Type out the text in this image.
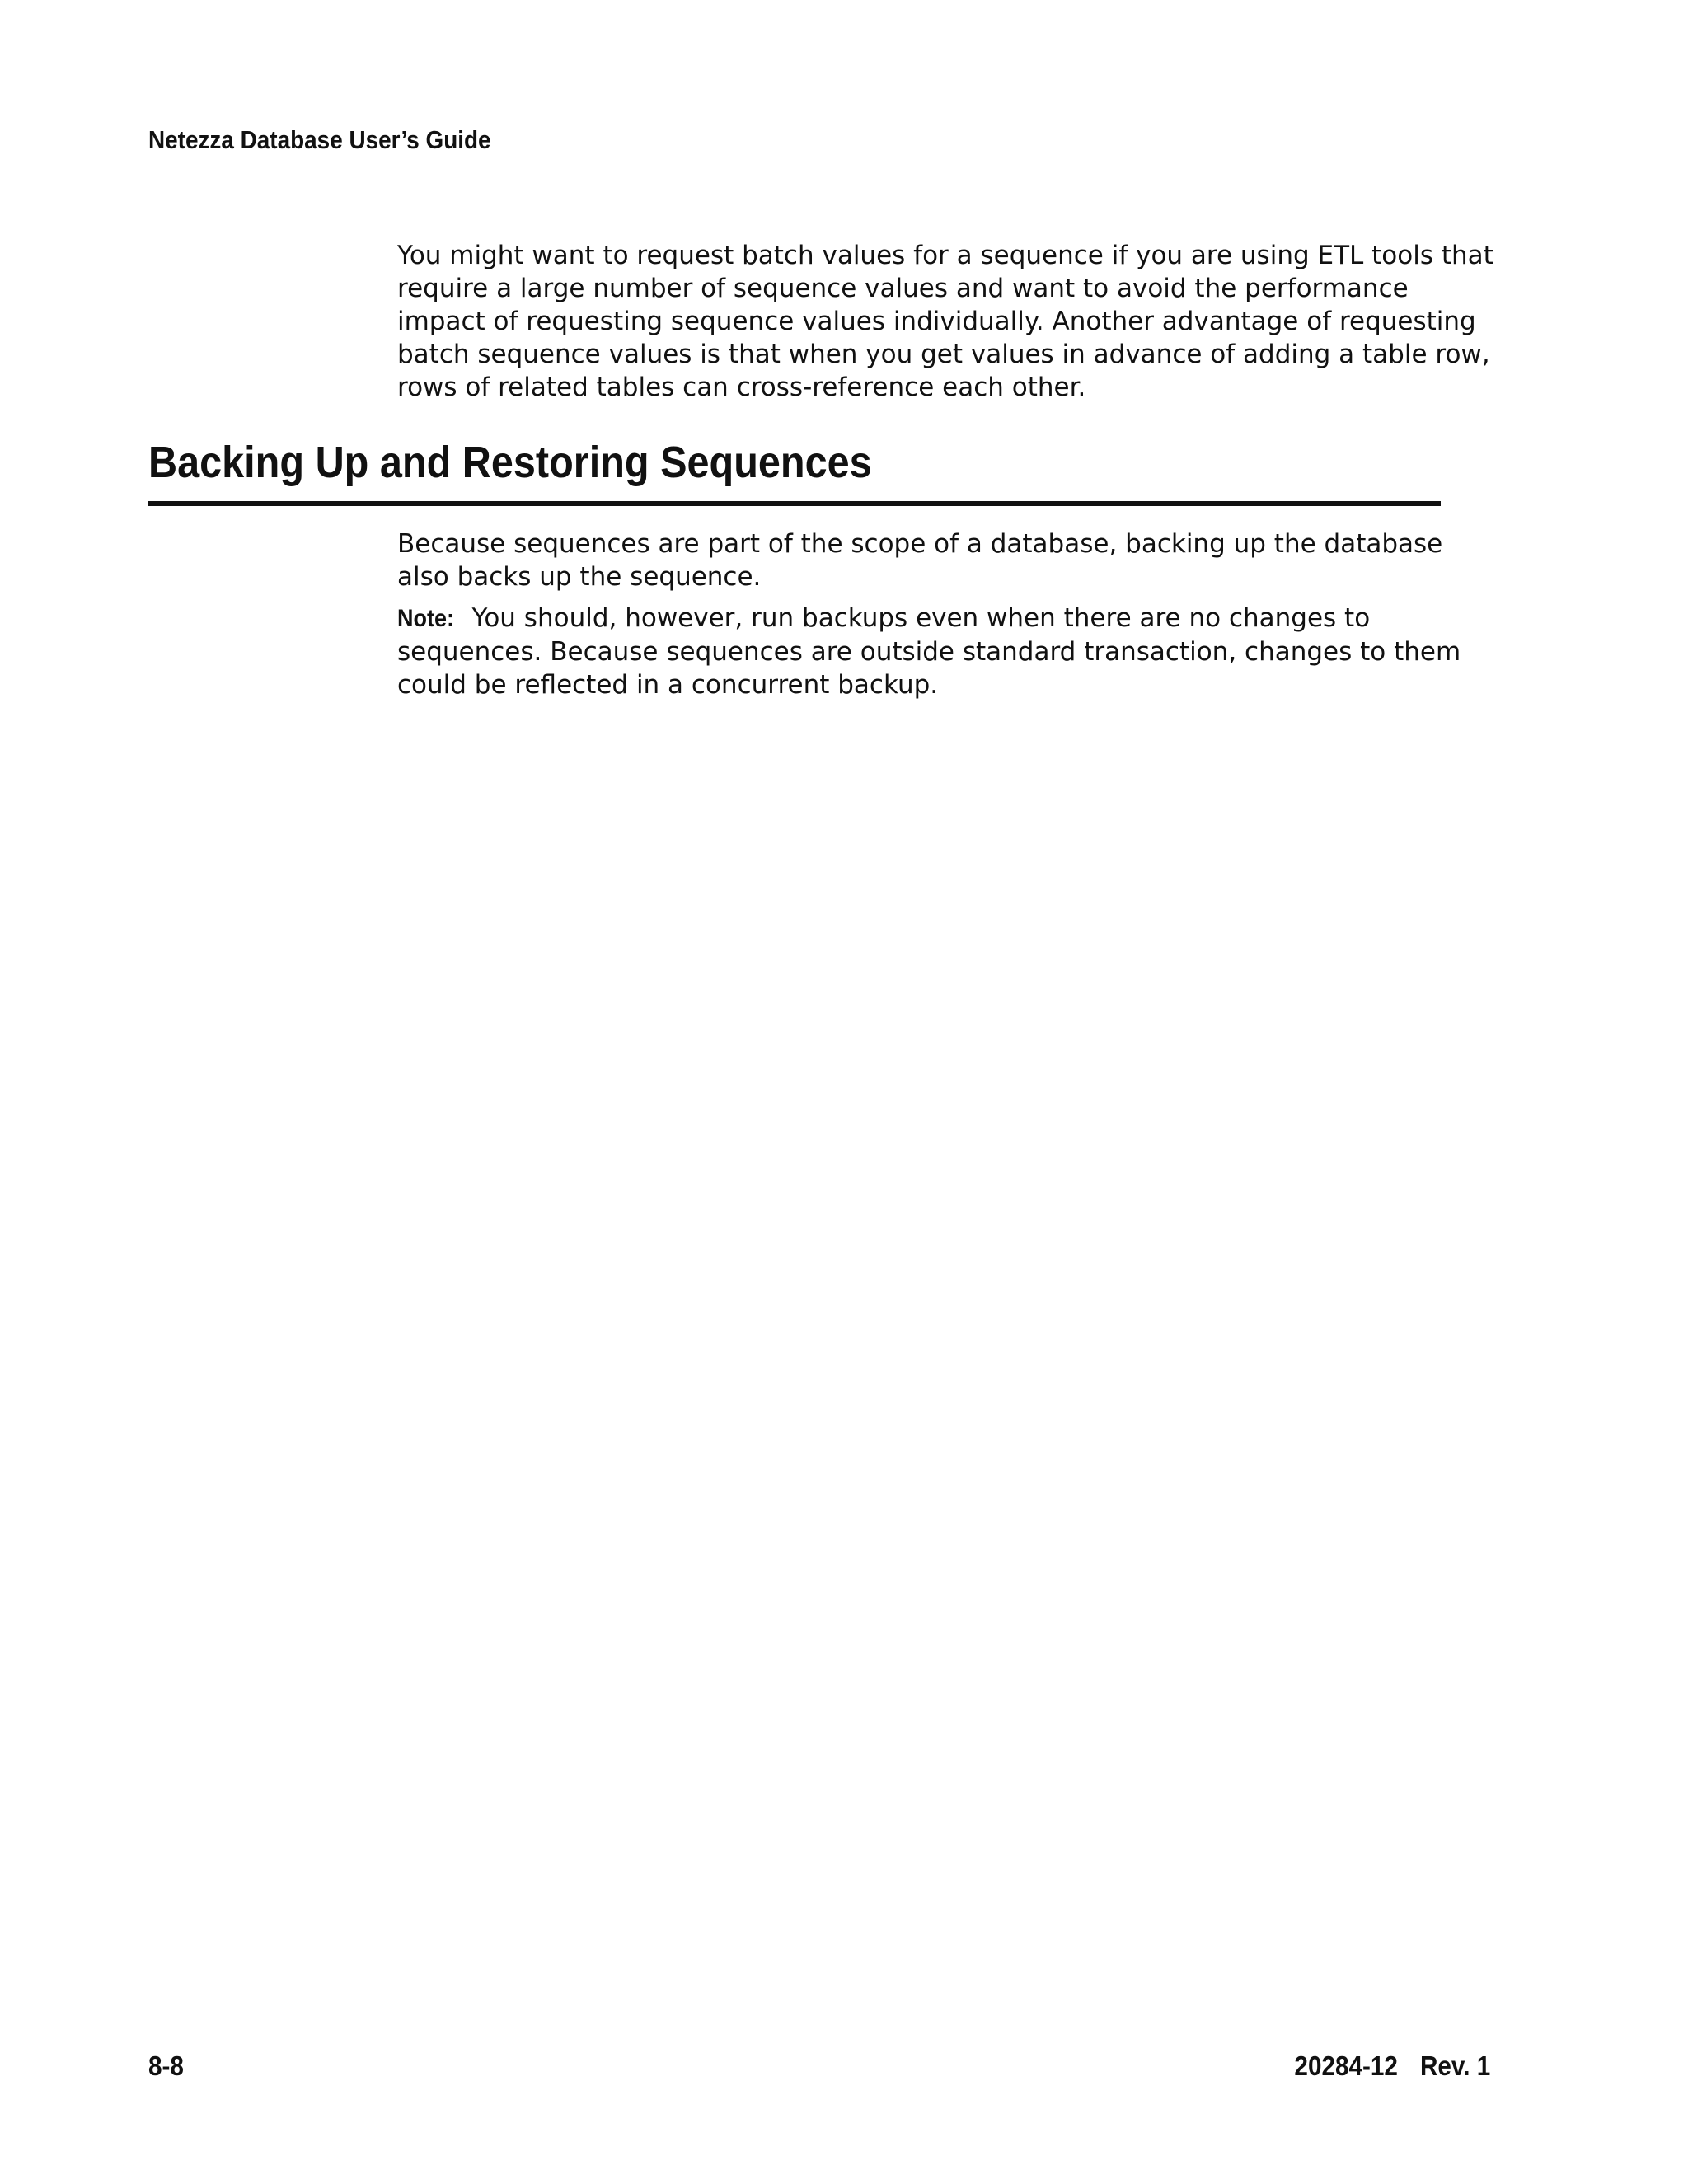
Netezza Database User’s Guide

You might want to request batch values for a sequence if you are using ETL tools that require a large number of sequence values and want to avoid the performance impact of requesting sequence values individually. Another advantage of requesting batch sequence values is that when you get values in advance of adding a table row, rows of related tables can cross-reference each other.

Backing Up and Restoring Sequences

Because sequences are part of the scope of a database, backing up the database also backs up the sequence.

Note: You should, however, run backups even when there are no changes to sequences. Because sequences are outside standard transaction, changes to them could be reflected in a concurrent backup.

8-8	20284-12 Rev. 1
